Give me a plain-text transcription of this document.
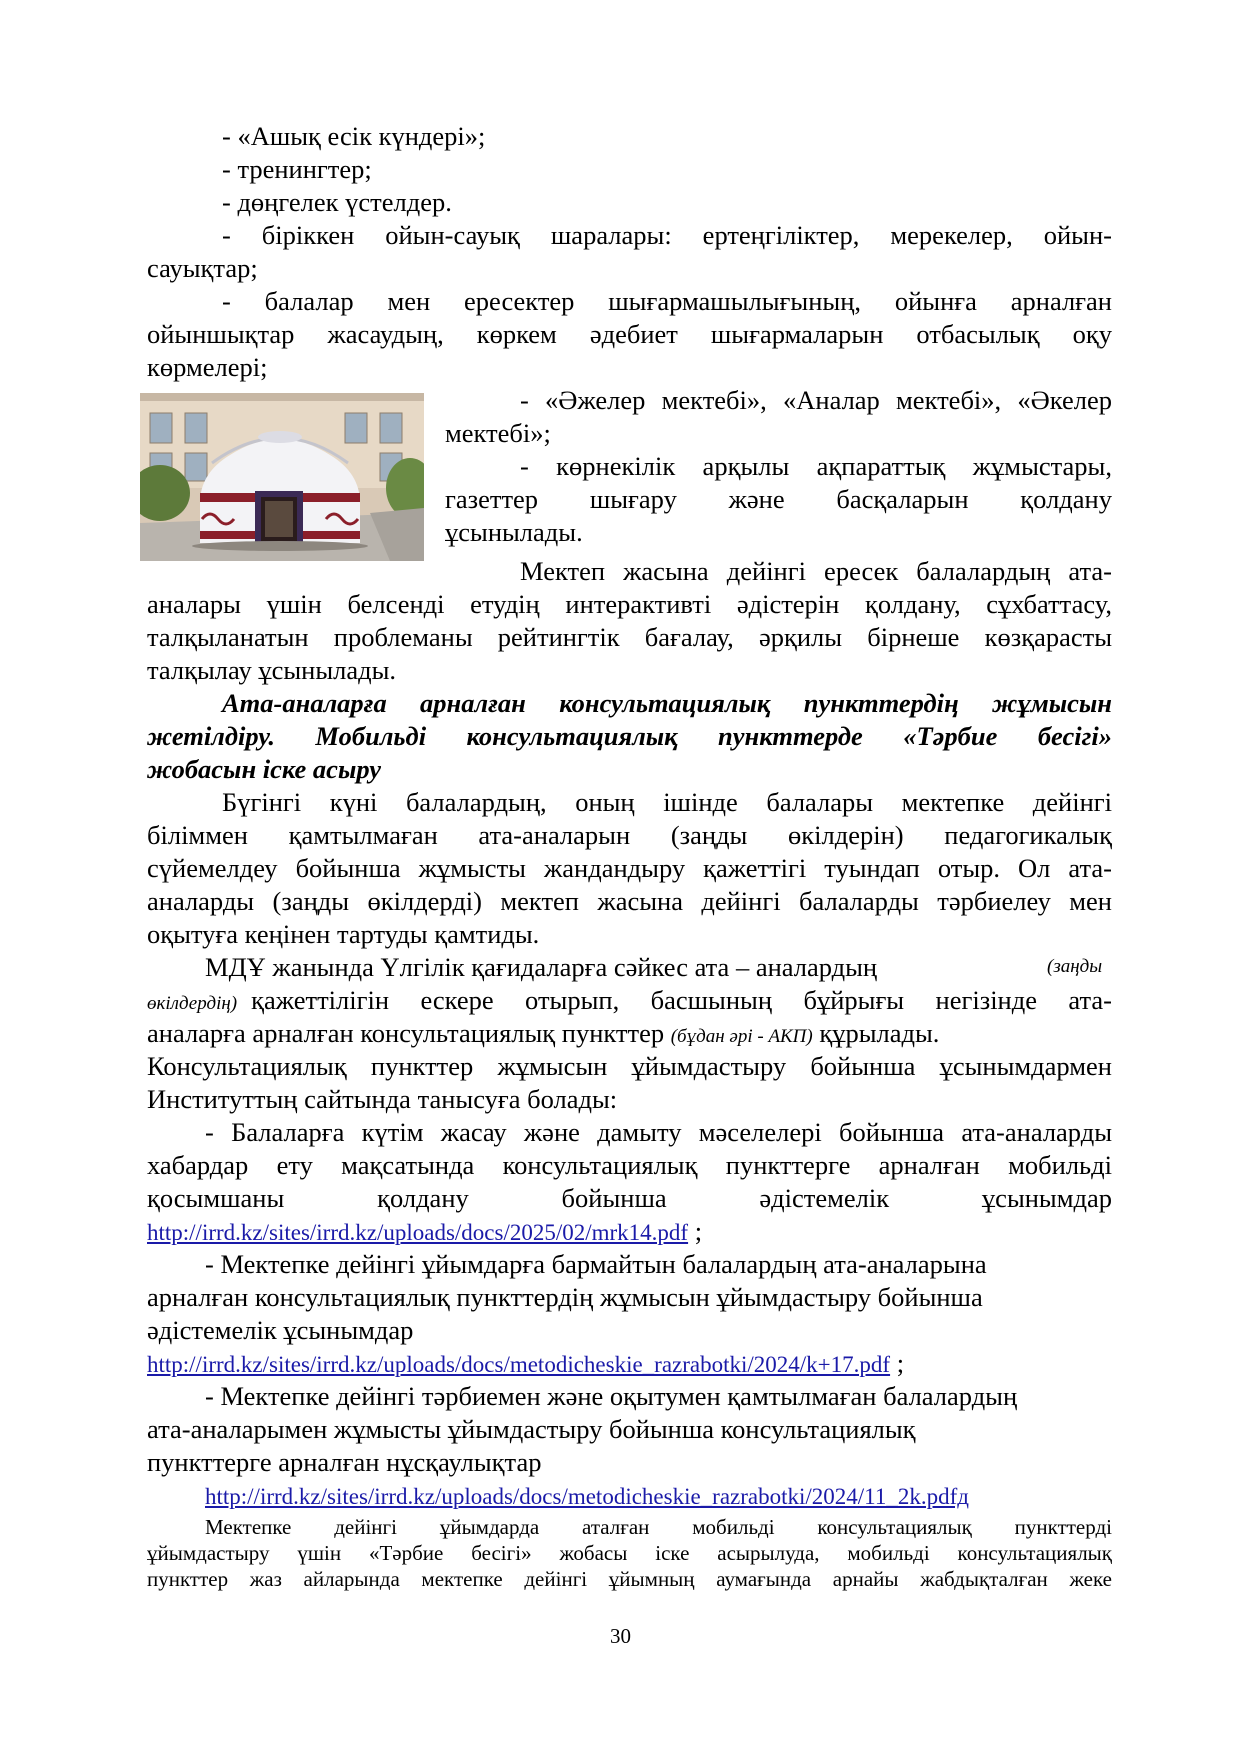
- «Ашық есік күндері»;
- тренингтер;
- дөңгелек үстелдер.
- біріккен ойын-сауық шаралары: ертеңгіліктер, мерекелер, ойын-
сауықтар;
- балалар мен ересектер шығармашылығының, ойынға арналған
ойыншықтар жасаудың, көркем әдебиет шығармаларын отбасылық оқу
көрмелері;
- «Әжелер мектебі», «Аналар мектебі», «Әкелер
мектебі»;
- көрнекілік арқылы ақпараттық жұмыстары,
газеттер шығару және басқаларын қолдану
ұсынылады.
Мектеп жасына дейінгі ересек балалардың ата-
аналары үшін белсенді етудің интерактивті әдістерін қолдану, сұхбаттасу,
талқыланатын проблеманы рейтингтік бағалау, әрқилы бірнеше көзқарасты
талқылау ұсынылады.
Ата-аналарға арналған консультациялық пункттердің жұмысын
жетілдіру. Мобильді консультациялық пункттерде «Тәрбие бесігі»
жобасын іске асыру
Бүгінгі күні балалардың, оның ішінде балалары мектепке дейінгі
біліммен қамтылмаған ата-аналарын (заңды өкілдерін) педагогикалық
сүйемелдеу бойынша жұмысты жандандыру қажеттігі туындап отыр. Ол ата-
аналарды (заңды өкілдерді) мектеп жасына дейінгі балаларды тәрбиелеу мен
оқытуға кеңінен тартуды қамтиды.
МДҰ жанында Үлгілік қағидаларға сәйкес ата – аналардың	(заңды
өкілдердің) қажеттілігін ескере отырып, басшының бұйрығы негізінде ата-
аналарға арналған консультациялық пункттер (бұдан әрі - АКП) құрылады.
Консультациялық пункттер жұмысын ұйымдастыру бойынша ұсынымдармен
Институттың сайтында танысуға болады:
- Балаларға күтім жасау және дамыту мәселелері бойынша ата-аналарды
хабардар ету мақсатында консультациялық пункттерге арналған мобильді
қосымшаны қолдану бойынша әдістемелік ұсынымдар
http://irrd.kz/sites/irrd.kz/uploads/docs/2025/02/mrk14.pdf ;
- Мектепке дейінгі ұйымдарға бармайтын балалардың ата-аналарына
арналған консультациялық пункттердің жұмысын ұйымдастыру бойынша
әдістемелік ұсынымдар
http://irrd.kz/sites/irrd.kz/uploads/docs/metodicheskie_razrabotki/2024/k+17.pdf ;
- Мектепке дейінгі тәрбиемен және оқытумен қамтылмаған балалардың
ата-аналарымен жұмысты ұйымдастыру бойынша консультациялық
пункттерге арналған нұсқаулықтар
http://irrd.kz/sites/irrd.kz/uploads/docs/metodicheskie_razrabotki/2024/11_2k.pdfд
Мектепке дейінгі ұйымдарда аталған мобильді консультациялық пункттерді
ұйымдастыру үшін «Тәрбие бесігі» жобасы іске асырылуда, мобильді консультациялық
пункттер жаз айларында мектепке дейінгі ұйымның аумағында арнайы жабдықталған жеке
30
